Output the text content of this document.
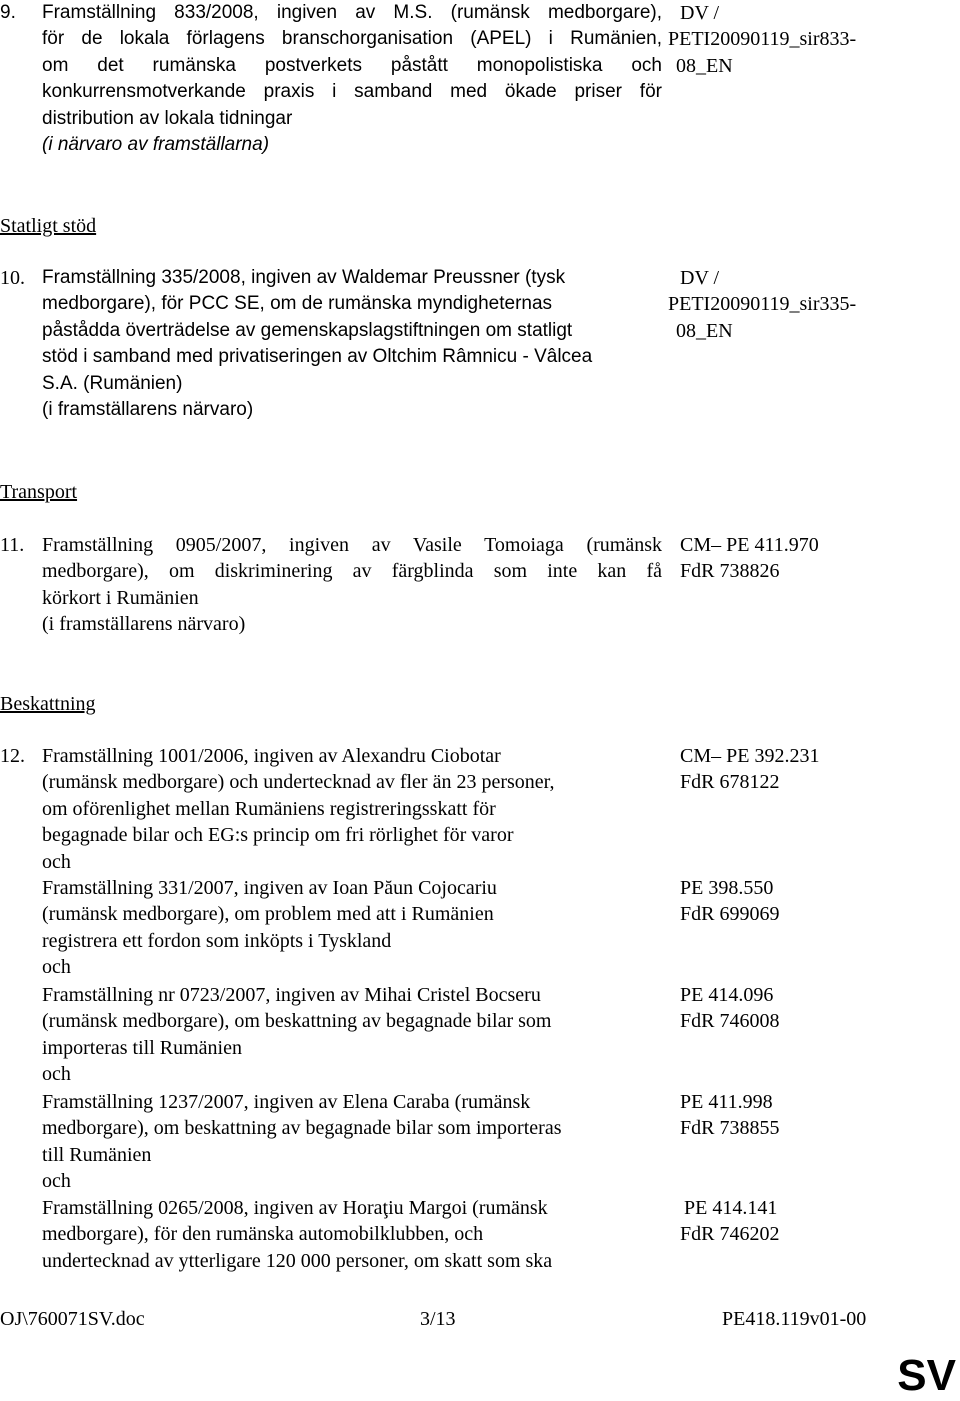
9. Framställning 833/2008, ingiven av M.S. (rumänsk medborgare),
för de lokala förlagens branschorganisation (APEL) i Rumänien,
om det rumänska postverkets påstått monopolistiska och
konkurrensmotverkande praxis i samband med ökade priser för
distribution av lokala tidningar
(i närvaro av framställarna)
DV /
PETI20090119_sir833-
08_EN
Statligt stöd
10. Framställning 335/2008, ingiven av Waldemar Preussner (tysk
medborgare), för PCC SE, om de rumänska myndigheternas
påstådda överträdelse av gemenskapslagstiftningen om statligt
stöd i samband med privatiseringen av Oltchim Râmnicu - Vâlcea
S.A. (Rumänien)
(i framställarens närvaro)
DV /
PETI20090119_sir335-
08_EN
Transport
11. Framställning 0905/2007, ingiven av Vasile Tomoiaga (rumänsk
medborgare), om diskriminering av färgblinda som inte kan få
körkort i Rumänien
(i framställarens närvaro)
CM– PE 411.970
FdR 738826
Beskattning
12. Framställning 1001/2006, ingiven av Alexandru Ciobotar
(rumänsk medborgare) och undertecknad av fler än 23 personer,
om oförenlighet mellan Rumäniens registreringsskatt för
begagnade bilar och EG:s princip om fri rörlighet för varor
och
CM– PE 392.231
FdR 678122
Framställning 331/2007, ingiven av Ioan Păun Cojocariu
(rumänsk medborgare), om problem med att i Rumänien
registrera ett fordon som inköpts i Tyskland
och
PE 398.550
FdR 699069
Framställning nr 0723/2007, ingiven av Mihai Cristel Bocseru
(rumänsk medborgare), om beskattning av begagnade bilar som
importeras till Rumänien
och
PE 414.096
FdR 746008
Framställning 1237/2007, ingiven av Elena Caraba (rumänsk
medborgare), om beskattning av begagnade bilar som importeras
till Rumänien
och
PE 411.998
FdR 738855
Framställning 0265/2008, ingiven av Horaţiu Margoi (rumänsk
medborgare), för den rumänska automobilklubben, och
undertecknad av ytterligare 120 000 personer, om skatt som ska
PE 414.141
FdR 746202
OJ\760071SV.doc	3/13	PE418.119v01-00
SV
